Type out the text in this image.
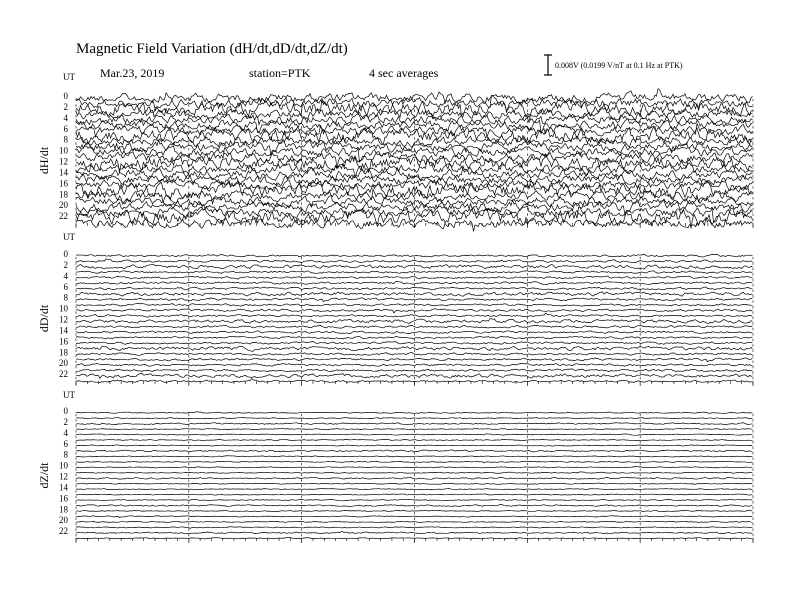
Magnetic Field Variation (dH/dt,dD/dt,dZ/dt)
Mar.23, 2019	station=PTK	4 sec averages
0.008V (0.0199 V/nT at 0.1 Hz at PTK)
UT
dH/dt
0
2
4
6
8
10
12
14
16
18
20
22
UT
dD/dt
0
2
4
6
8
10
12
14
16
18
20
22
UT
dZ/dt
0
2
4
6
8
10
12
14
16
18
20
22
